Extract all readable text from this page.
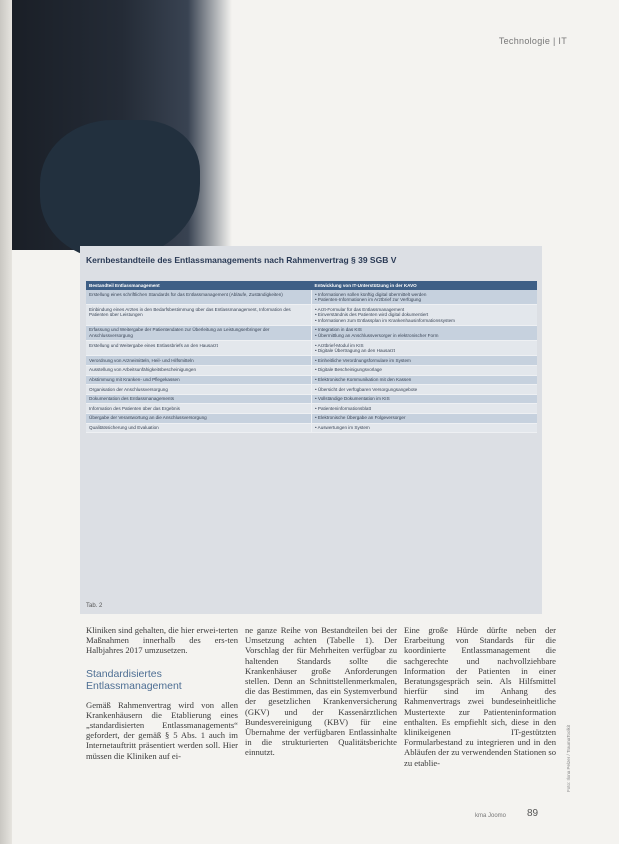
Technologie | IT
Kernbestandteile des Entlassmanagements nach Rahmenvertrag § 39 SGB V
Bestandteil Entlassmanagement	Entwicklung von IT-Unterstützung in der KAVO
Erstellung eines schriftlichen Standards für das Entlassmanagement (Abläufe, Zuständigkeiten)	• Informationen sollen künftig digital übermittelt werden
• Patienten-Informationen im Arztbrief zur Verfügung
Einbindung eines Arztes in den Bedarfsbestimmung über das Entlassmanagement, Information des Patienten über Leistungen	• Arzt-Formular für das Entlassmanagement
• Einverständnis des Patienten wird digital dokumentiert
• Informationen zum Entlassplan im Krankenhausinformationssystem
Erfassung und Weitergabe der Patientendaten zur Überleitung an Leistungserbringer der Anschlussversorgung	• Integration in das KIS
• Übermittlung an Anschlussversorger in elektronischer Form
Erstellung und Weitergabe eines Entlassbriefs an den Hausarzt	• Arztbrief-Modul im KIS
• Digitale Übertragung an den Hausarzt
Verordnung von Arzneimitteln, Heil- und Hilfsmitteln	• Einheitliche Verordnungsformulare im System
Ausstellung von Arbeitsunfähigkeitsbescheinigungen	• Digitale Bescheinigungsvorlage
Abstimmung mit Kranken- und Pflegekassen	• Elektronische Kommunikation mit den Kassen
Organisation der Anschlussversorgung	• Übersicht der verfügbaren Versorgungsangebote
Dokumentation des Entlassmanagements	• Vollständige Dokumentation im KIS
Information des Patienten über das Ergebnis	• Patienteninformationsblatt
Übergabe der Verantwortung an die Anschlussversorgung	• Elektronische Übergabe an Folgeversorger
Qualitätssicherung und Evaluation	• Auswertungen im System
Tab. 2

Kliniken sind gehalten, die hier erwei-terten Maßnahmen innerhalb des ers-ten Halbjahres 2017 umzusetzen.

Standardisiertes Entlassmanagement

Gemäß Rahmenvertrag wird von allen Krankenhäusern die Etablierung eines „standardisierten Entlassmanagements“ gefordert, der gemäß § 5 Abs. 1 auch im Internetauftritt präsentiert werden soll. Hier müssen die Kliniken auf ei-

ne ganze Reihe von Bestandteilen bei der Umsetzung achten (Tabelle 1). Der Vorschlag der für Mehrheiten verfügbar zu haltenden Standards sollte die Krankenhäuser große Anforderungen stellen. Denn an Schnittstellenmerkmalen, die das Bestimmen, das ein Systemverbund der gesetzlichen Krankenversicherung (GKV) und der Kassenärztlichen Bundesvereinigung (KBV) für eine Übernahme der verfügbaren Entlassinhalte in die strukturierten Qualitätsberichte einnutzt.

Eine große Hürde dürfte neben der Erarbeitung von Standards für die koordinierte Entlassmanagement die sachgerechte und nachvollziehbare Information der Patienten in einer Beratungsgespräch sein. Als Hilfsmittel hierfür sind im Anhang des Rahmenvertrags zwei bundeseinheitliche Mustertexte zur Patienteninformation enthalten. Es empfiehlt sich, diese in den klinikeigenen IT-gestützten Formularbestand zu integrieren und in den Abläufen der zu verwendenden Stationen so zu etablie-	Foto: Ilona Pelzer / TraumaToolkit
kma Joomo 89
